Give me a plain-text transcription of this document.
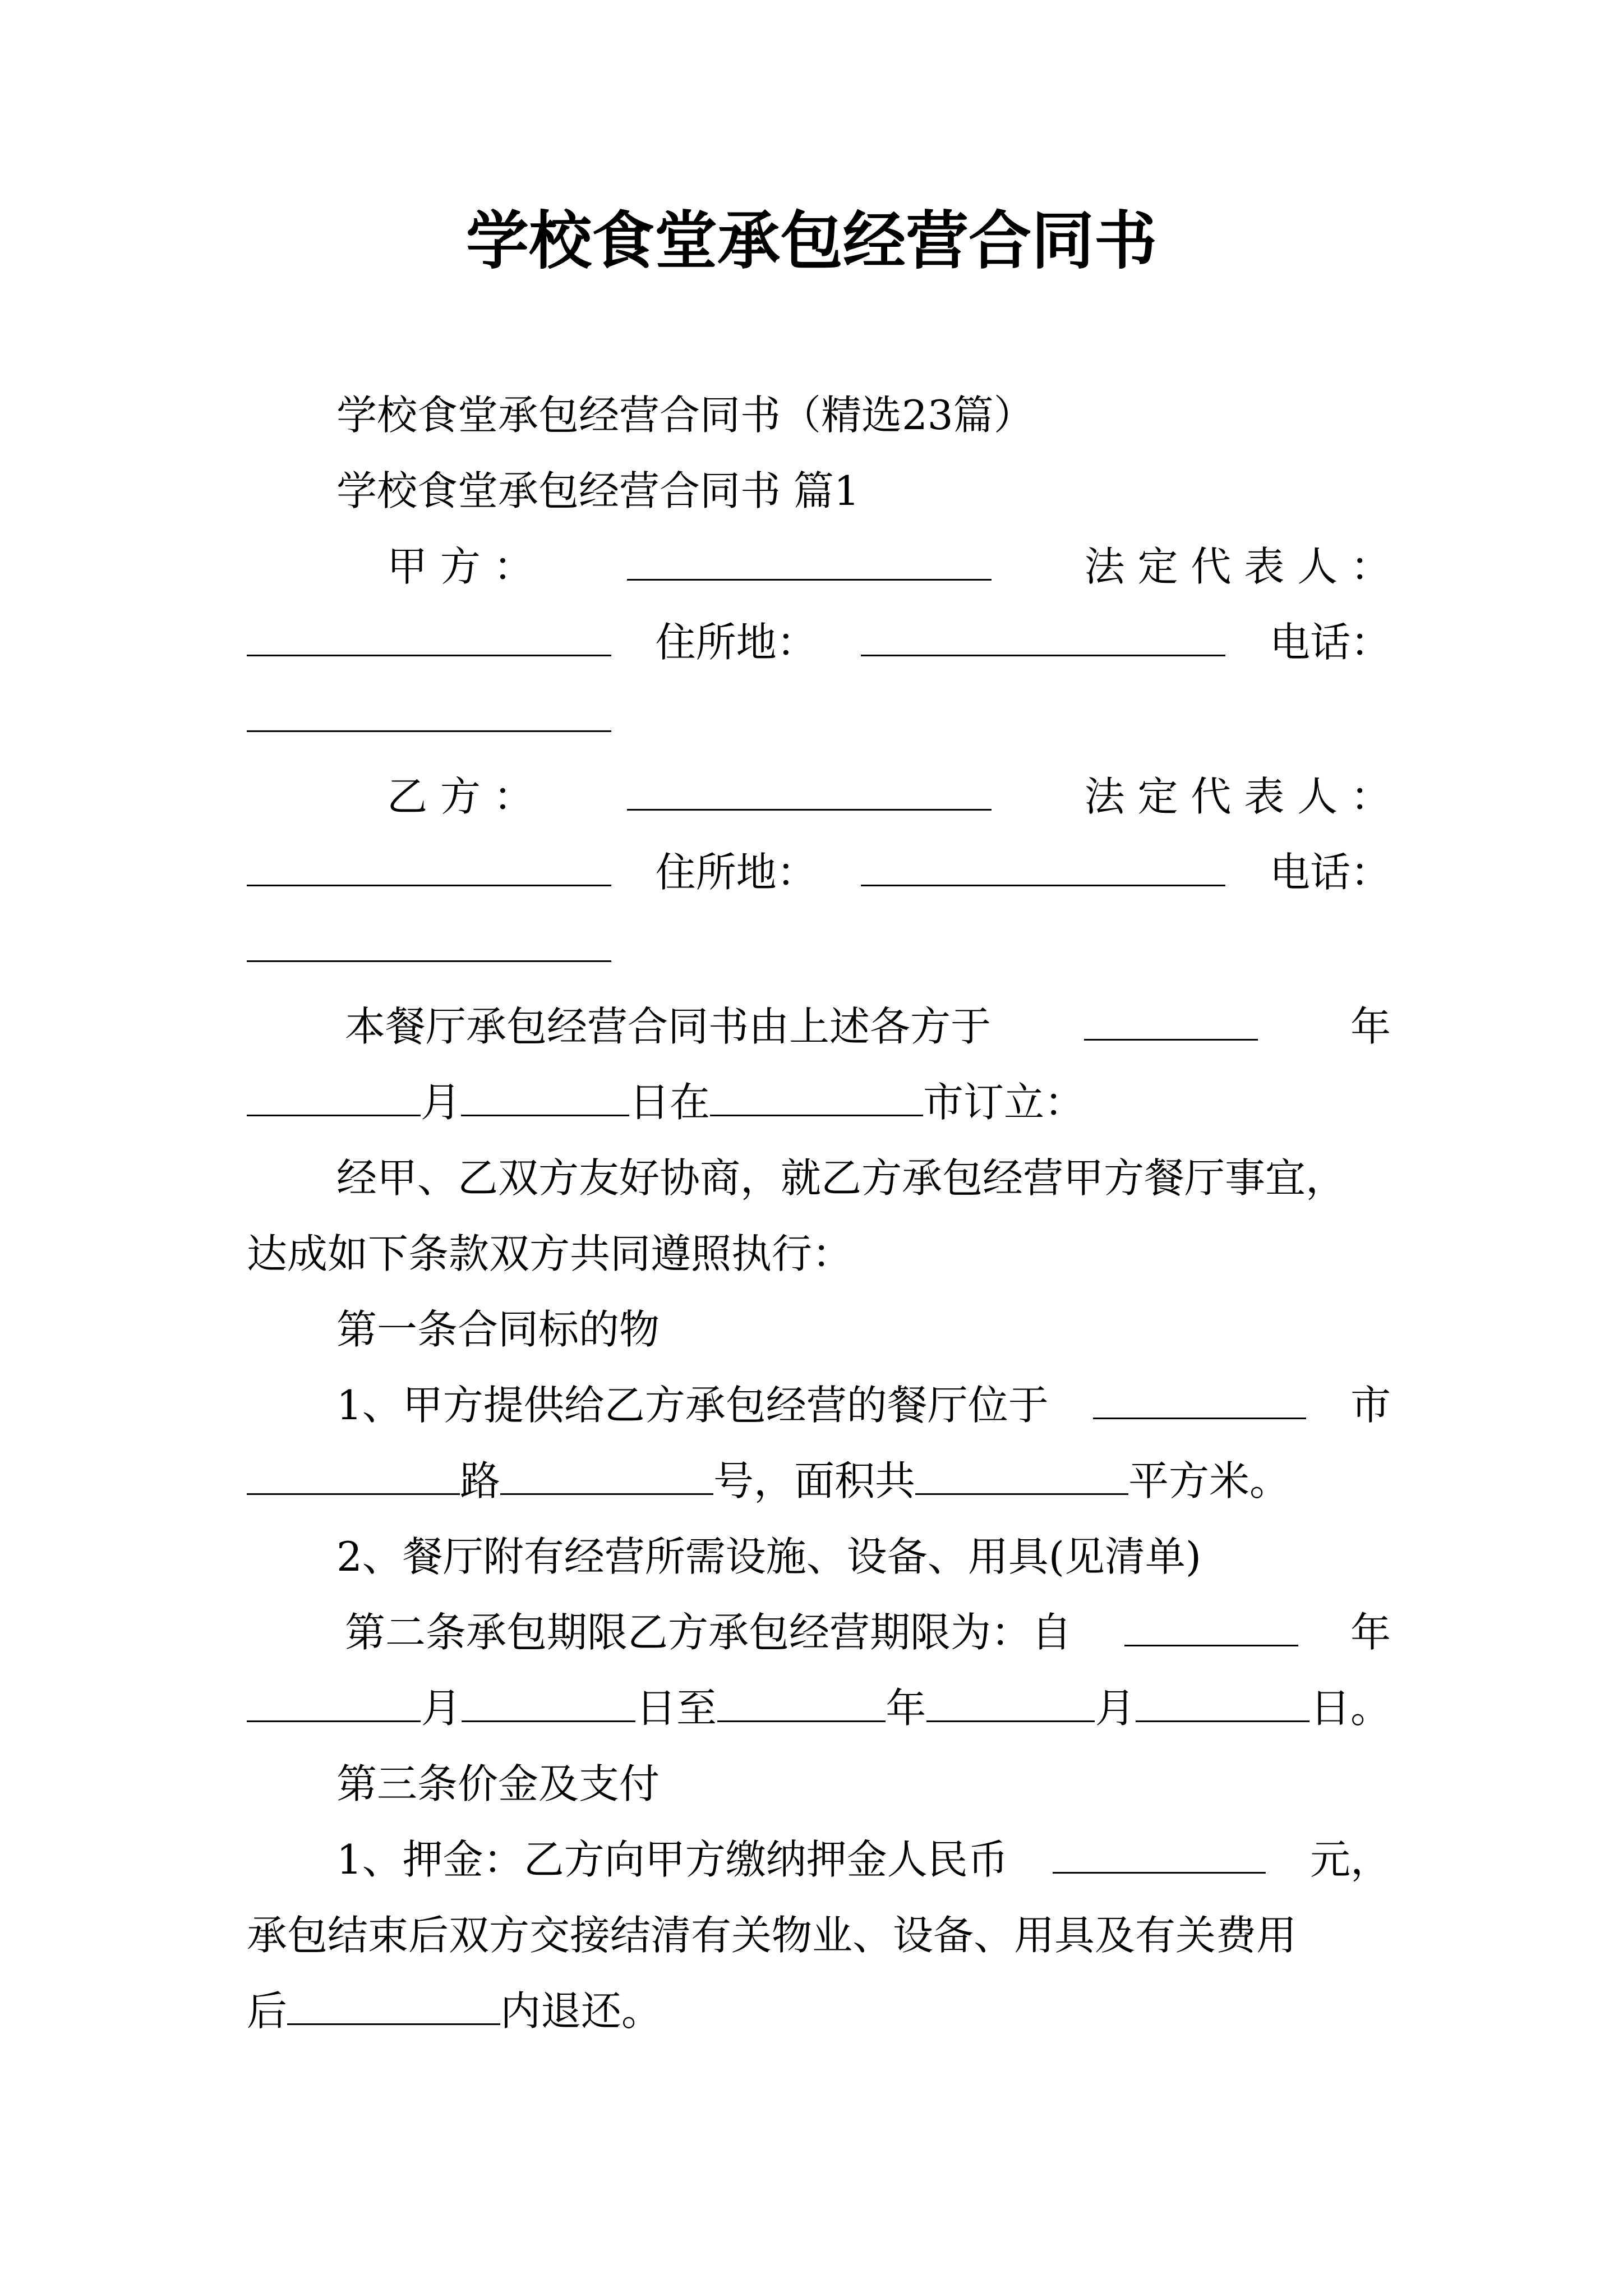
学校食堂承包经营合同书
学校食堂承包经营合同书（精选23篇）
学校食堂承包经营合同书 篇1
甲 方 ：	法 定 代 表 人 ：
住所地：	电话：
乙 方 ：	法 定 代 表 人 ：
住所地：	电话：
本餐厅承包经营合同书由上述各方于	年
月	日在	市订立：
经甲、乙双方友好协商，就乙方承包经营甲方餐厅事宜，
达成如下条款双方共同遵照执行：
第一条合同标的物
1、甲方提供给乙方承包经营的餐厅位于	市
路	号，面积共	平方米。
2、餐厅附有经营所需设施、设备、用具(见清单)
第二条承包期限乙方承包经营期限为：自	年
月	日至	年	月	日。
第三条价金及支付
1、押金：乙方向甲方缴纳押金人民币	元，
承包结束后双方交接结清有关物业、设备、用具及有关费用
后	内退还。
